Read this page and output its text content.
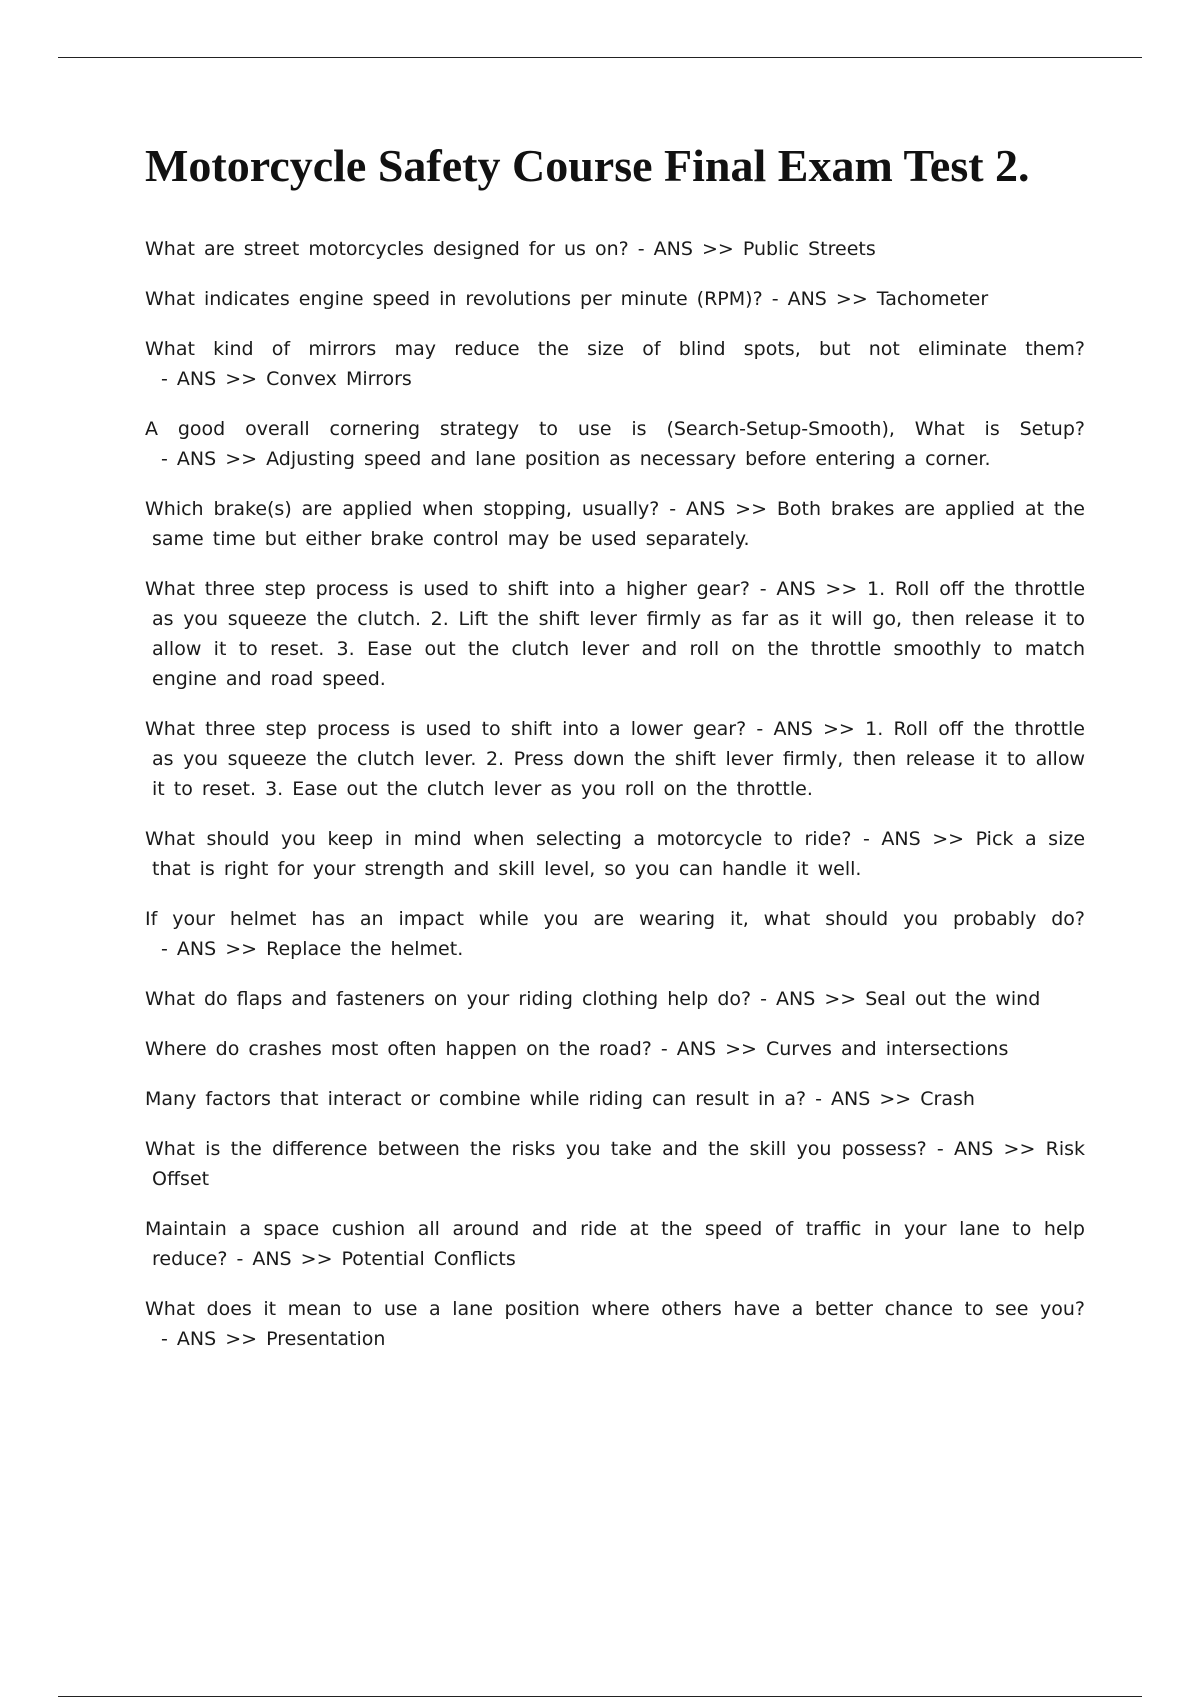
Motorcycle Safety Course Final Exam Test 2.
What are street motorcycles designed for us on? - ANS >> Public Streets
What indicates engine speed in revolutions per minute (RPM)? - ANS >> Tachometer
What kind of mirrors may reduce the size of blind spots, but not eliminate them? - ANS >> Convex Mirrors
A good overall cornering strategy to use is (Search-Setup-Smooth), What is Setup? - ANS >> Adjusting speed and lane position as necessary before entering a corner.
Which brake(s) are applied when stopping, usually? - ANS >> Both brakes are applied at the same time but either brake control may be used separately.
What three step process is used to shift into a higher gear? - ANS >> 1. Roll off the throttle as you squeeze the clutch. 2. Lift the shift lever firmly as far as it will go, then release it to allow it to reset. 3. Ease out the clutch lever and roll on the throttle smoothly to match engine and road speed.
What three step process is used to shift into a lower gear? - ANS >> 1. Roll off the throttle as you squeeze the clutch lever. 2. Press down the shift lever firmly, then release it to allow it to reset. 3. Ease out the clutch lever as you roll on the throttle.
What should you keep in mind when selecting a motorcycle to ride? - ANS >> Pick a size that is right for your strength and skill level, so you can handle it well.
If your helmet has an impact while you are wearing it, what should you probably do? - ANS >> Replace the helmet.
What do flaps and fasteners on your riding clothing help do? - ANS >> Seal out the wind
Where do crashes most often happen on the road? - ANS >> Curves and intersections
Many factors that interact or combine while riding can result in a? - ANS >> Crash
What is the difference between the risks you take and the skill you possess? - ANS >> Risk Offset
Maintain a space cushion all around and ride at the speed of traffic in your lane to help reduce? - ANS >> Potential Conflicts
What does it mean to use a lane position where others have a better chance to see you? - ANS >> Presentation
